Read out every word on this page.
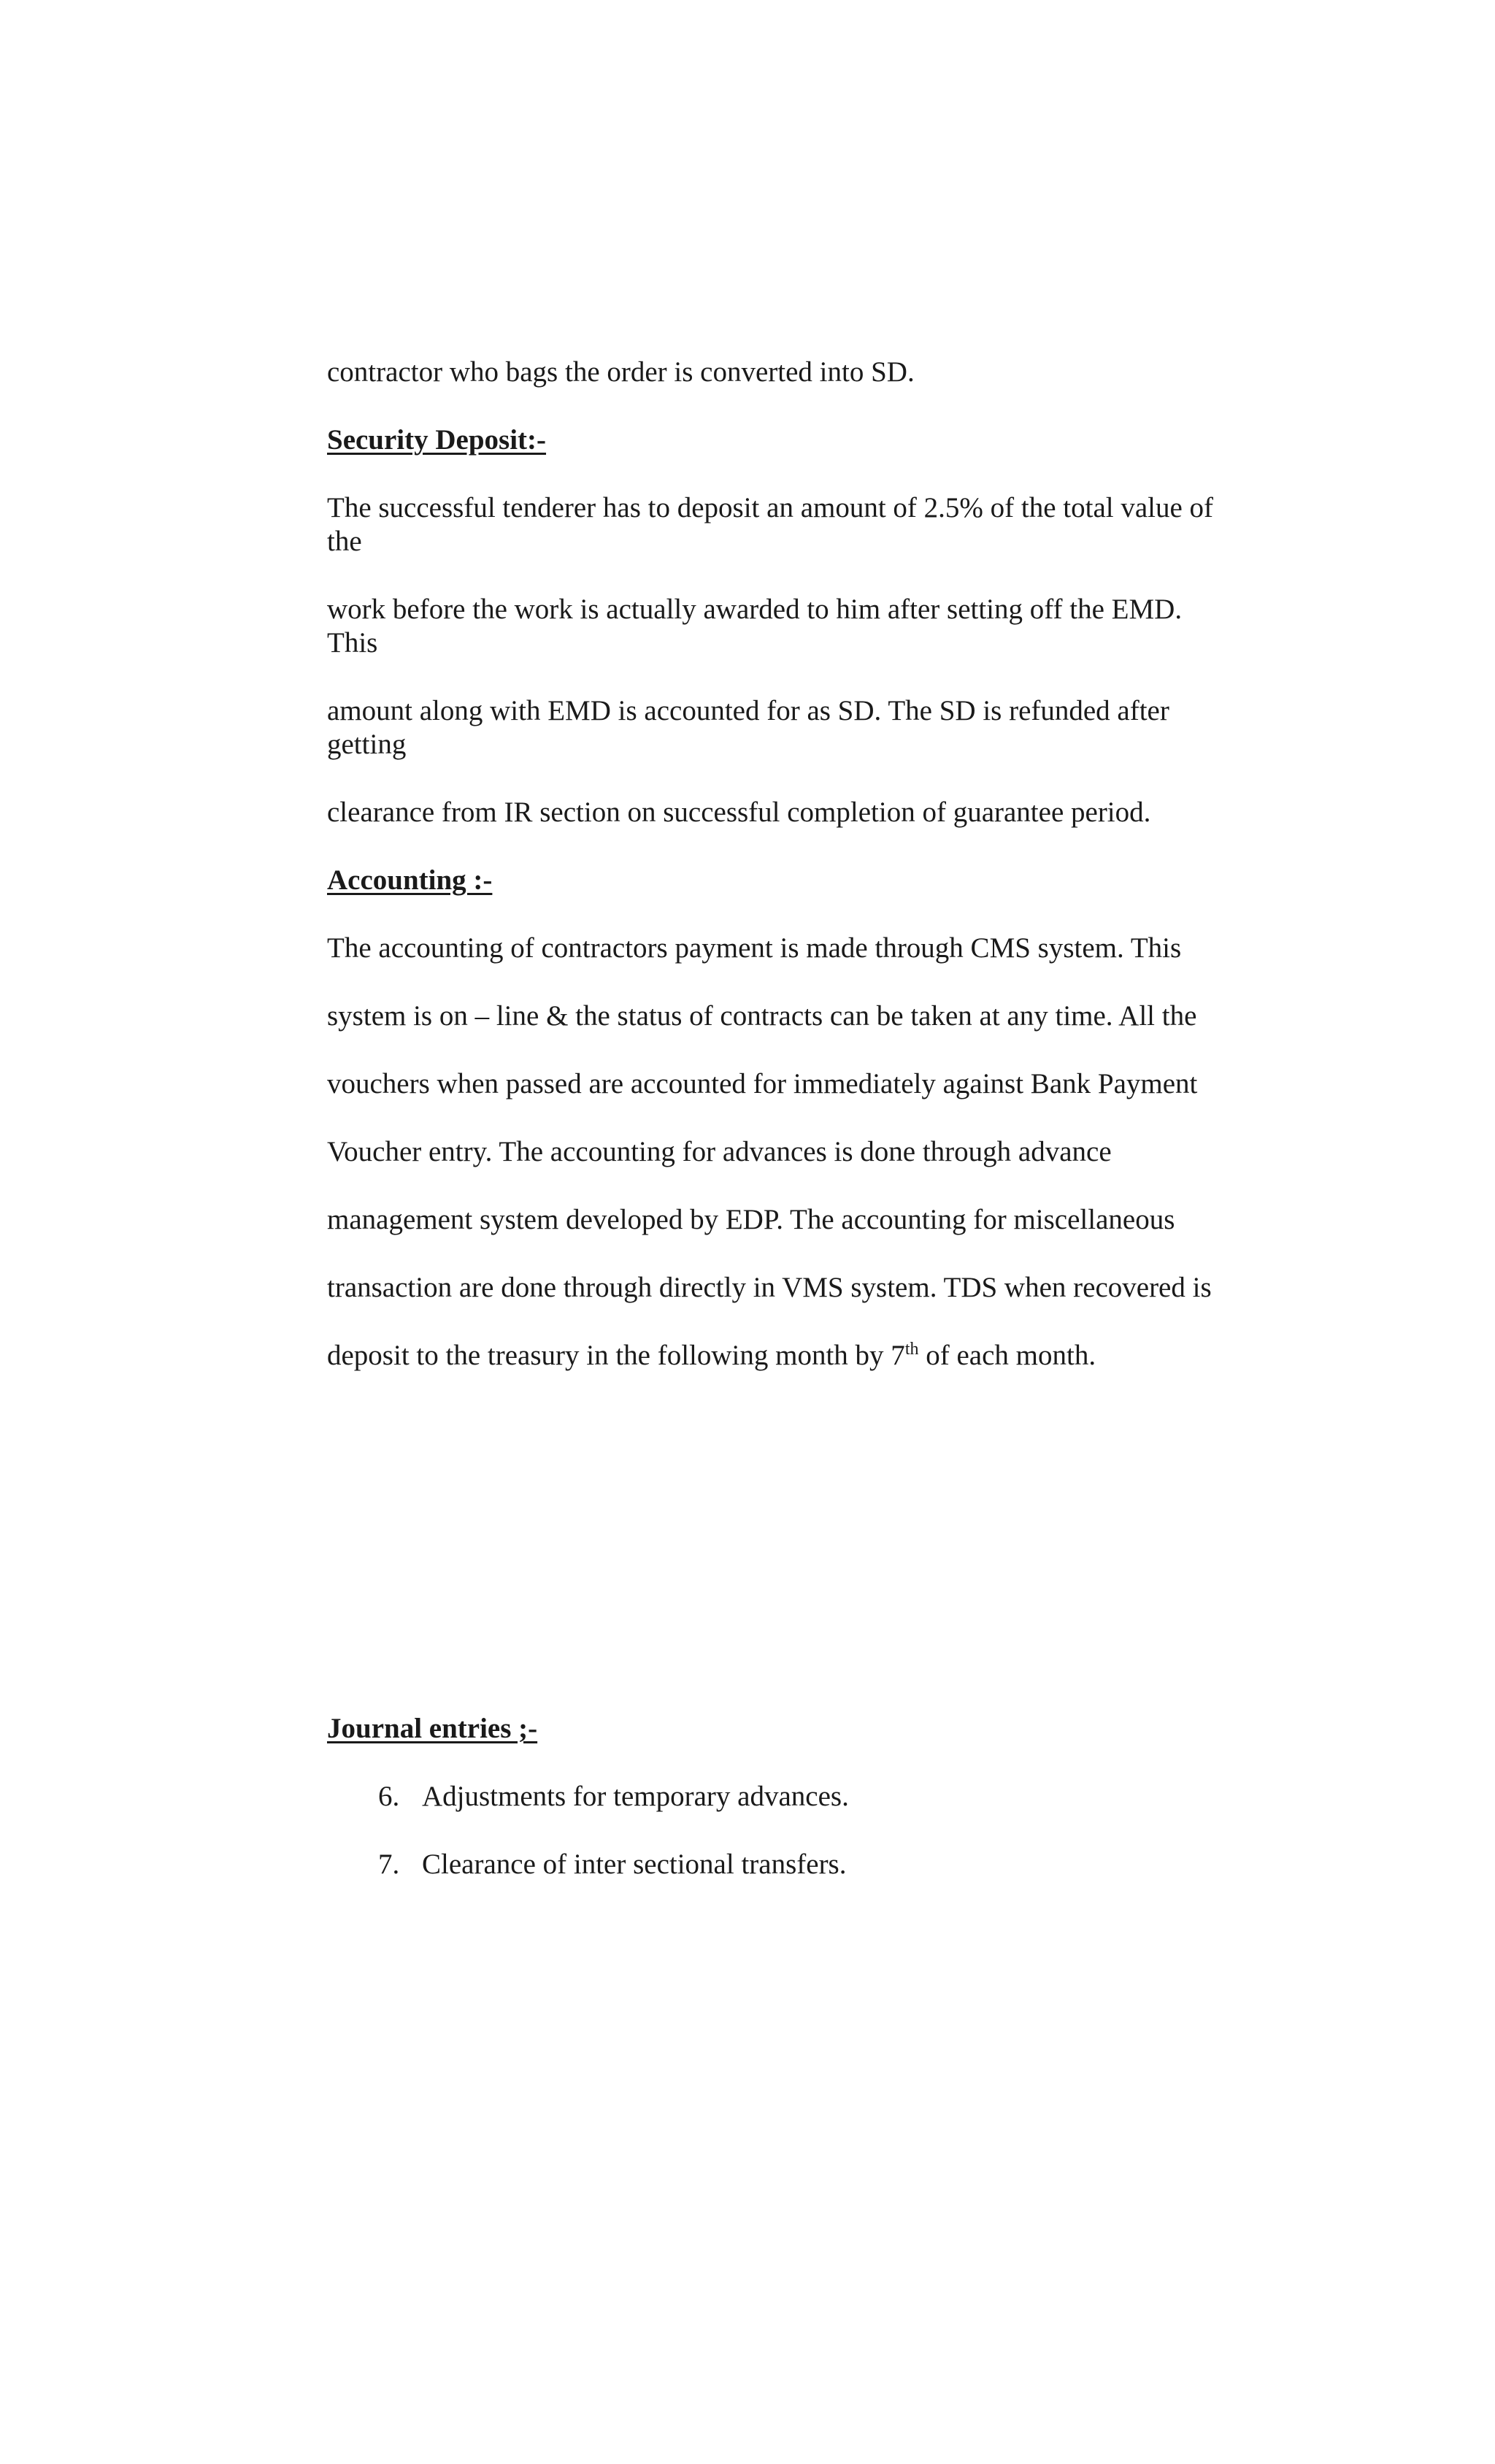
contractor who bags the order is converted into SD.

Security Deposit:-

The successful tenderer has to deposit an amount of 2.5% of the total value of

the

work before the work is actually awarded to him after setting off the EMD.

This

amount along with EMD is accounted for as SD. The SD is refunded after

getting

clearance from IR section on successful completion of guarantee period.

Accounting :-

The accounting of contractors payment is made through CMS system. This

system is on – line & the status of contracts can be taken at any time. All the

vouchers when passed are accounted for immediately against Bank Payment

Voucher entry. The accounting for advances is done through advance

management system developed by EDP. The accounting for miscellaneous

transaction are done through directly in VMS system. TDS when recovered is

deposit to the treasury in the following month by 7th of each month.

Journal entries ;-

6. Adjustments for temporary advances.

7. Clearance of inter sectional transfers.
